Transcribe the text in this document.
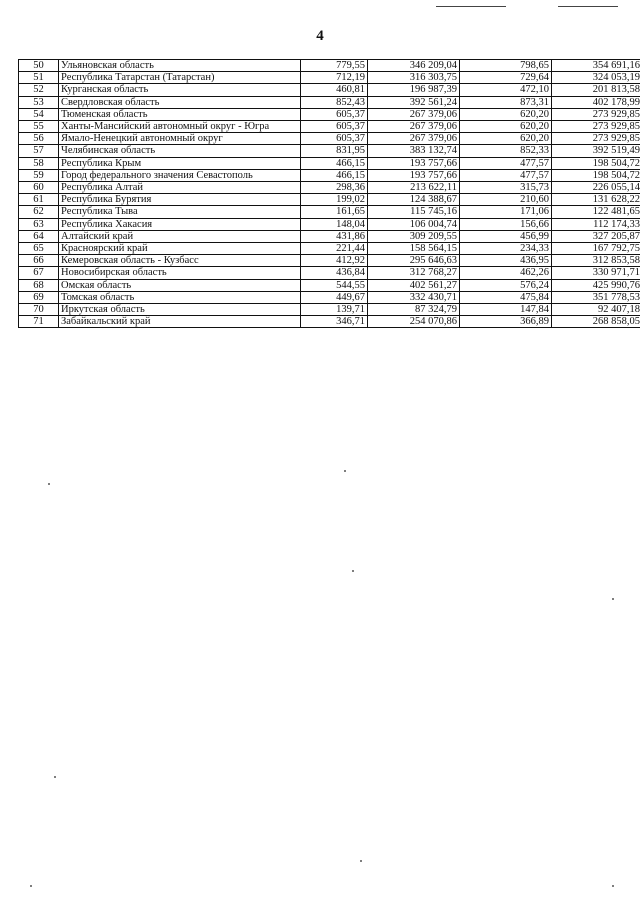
4
50	Ульяновская область	779,55	346 209,04	798,65	354 691,16
51	Республика Татарстан (Татарстан)	712,19	316 303,75	729,64	324 053,19
52	Курганская область	460,81	196 987,39	472,10	201 813,58
53	Свердловская область	852,43	392 561,24	873,31	402 178,99
54	Тюменская область	605,37	267 379,06	620,20	273 929,85
55	Ханты-Мансийский автономный округ - Югра	605,37	267 379,06	620,20	273 929,85
56	Ямало-Ненецкий автономный округ	605,37	267 379,06	620,20	273 929,85
57	Челябинская область	831,95	383 132,74	852,33	392 519,49
58	Республика Крым	466,15	193 757,66	477,57	198 504,72
59	Город федерального значения Севастополь	466,15	193 757,66	477,57	198 504,72
60	Республика Алтай	298,36	213 622,11	315,73	226 055,14
61	Республика Бурятия	199,02	124 388,67	210,60	131 628,22
62	Республика Тыва	161,65	115 745,16	171,06	122 481,65
63	Республика Хакасия	148,04	106 004,74	156,66	112 174,33
64	Алтайский край	431,86	309 209,55	456,99	327 205,87
65	Красноярский край	221,44	158 564,15	234,33	167 792,75
66	Кемеровская область - Кузбасс	412,92	295 646,63	436,95	312 853,58
67	Новосибирская область	436,84	312 768,27	462,26	330 971,71
68	Омская область	544,55	402 561,27	576,24	425 990,76
69	Томская область	449,67	332 430,71	475,84	351 778,53
70	Иркутская область	139,71	87 324,79	147,84	92 407,18
71	Забайкальский край	346,71	254 070,86	366,89	268 858,05
